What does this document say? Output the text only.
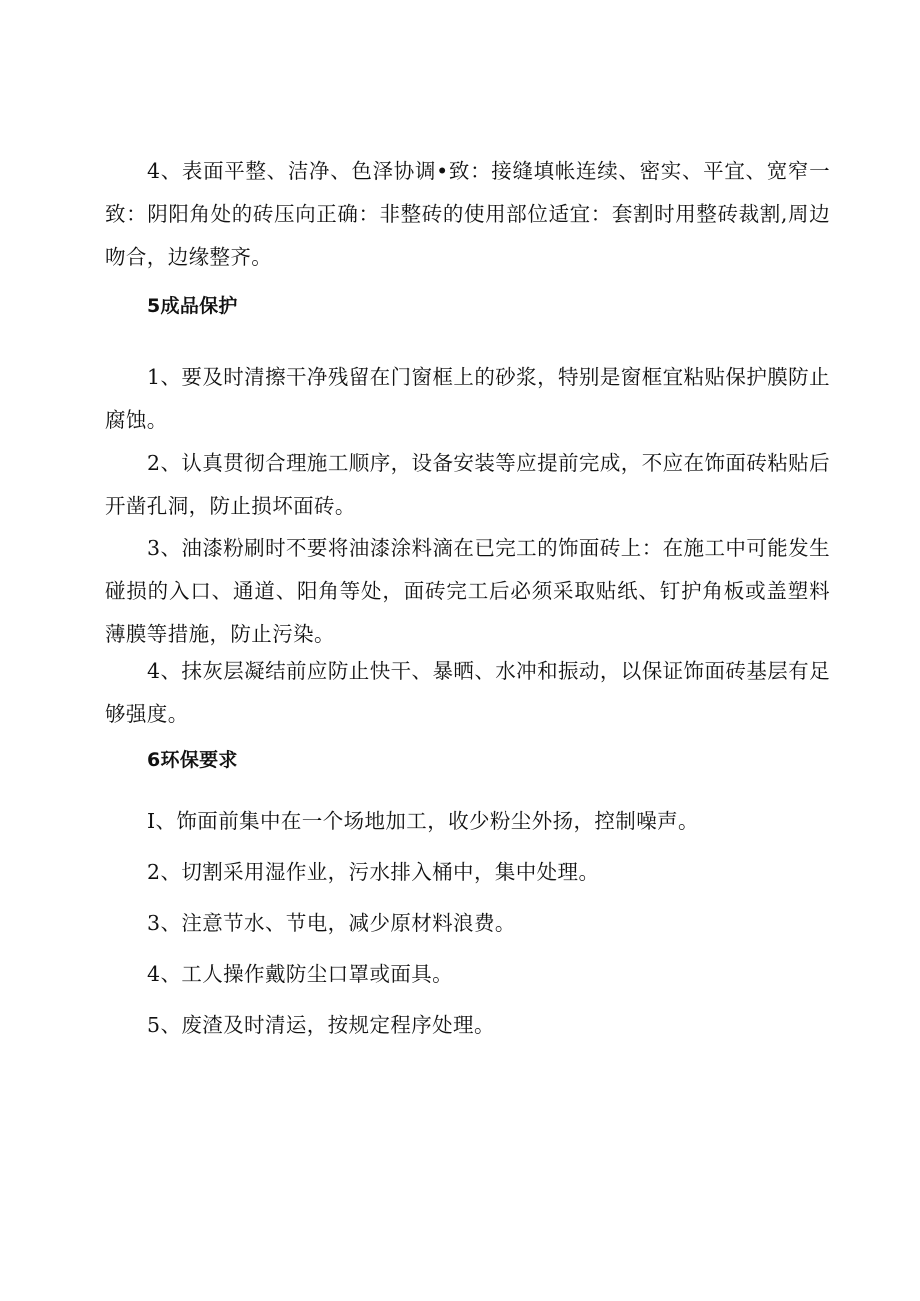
4、表面平整、洁净、色泽协调•致：接缝填帐连续、密实、平宜、宽窄一致：阴阳角处的砖压向正确：非整砖的使用部位适宜：套割时用整砖裁割,周边吻合，边缘整齐。

5成品保护

1、要及时清擦干净残留在门窗框上的砂浆，特别是窗框宜粘贴保护膜防止腐蚀。

2、认真贯彻合理施工顺序，设备安装等应提前完成，不应在饰面砖粘贴后开凿孔洞，防止损坏面砖。

3、油漆粉刷时不要将油漆涂料滴在已完工的饰面砖上：在施工中可能发生碰损的入口、通道、阳角等处，面砖完工后必须采取贴纸、钉护角板或盖塑料薄膜等措施，防止污染。

4、抹灰层凝结前应防止快干、暴晒、水冲和振动，以保证饰面砖基层有足够强度。

6环保要求

I、饰面前集中在一个场地加工，收少粉尘外扬，控制噪声。

2、切割采用湿作业，污水排入桶中，集中处理。

3、注意节水、节电，减少原材料浪费。

4、工人操作戴防尘口罩或面具。

5、废渣及时清运，按规定程序处理。
